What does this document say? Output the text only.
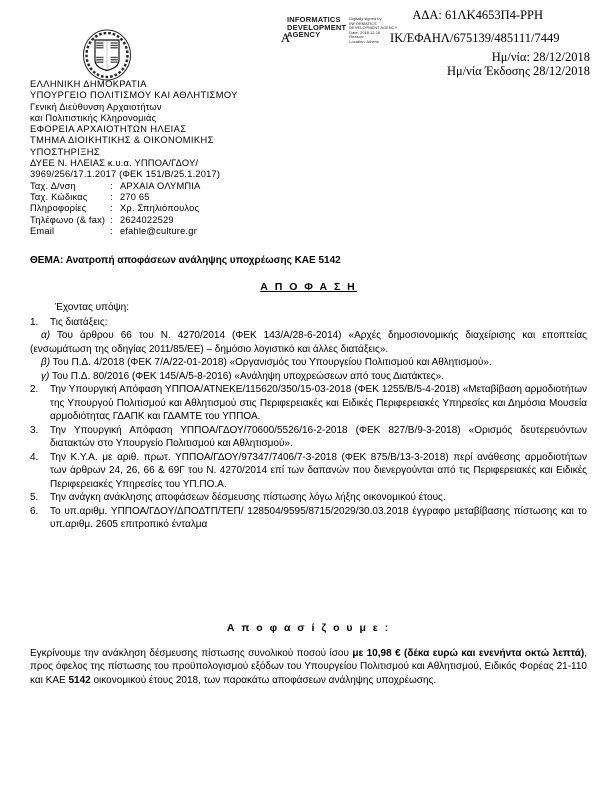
ΑΔΑ: 61ΛΚ4653Π4-ΡΡΗ
Α	ΙΚ/ΕΦΑΗΛ/675139/485111/7449
INFORMATICS
DEVELOPMENT
AGENCY
Digitally signed by
INFORMATICS
DEVELOPMENT AGENCY
Date: 2018.12.28
Reason:
Location: Athens
Ημ/νία: 28/12/2018
Ημ/νία Έκδοσης 28/12/2018
ΕΛΛΗΝΙΚΗ ΔΗΜΟΚΡΑΤΙΑ
ΥΠΟΥΡΓΕΙΟ ΠΟΛΙΤΙΣΜΟΥ ΚΑΙ ΑΘΛΗΤΙΣΜΟΥ
Γενική Διεύθυνση Αρχαιοτήτων
και Πολιτιστικής Κληρονομιάς
ΕΦΟΡΕΙΑ ΑΡΧΑΙΟΤΗΤΩΝ ΗΛΕΙΑΣ
ΤΜΗΜΑ ΔΙΟΙΚΗΤΙΚΗΣ & ΟΙΚΟΝΟΜΙΚΗΣ
ΥΠΟΣΤΗΡΙΞΗΣ
ΔΥΕΕ Ν. ΗΛΕΙΑΣ κ.υ.α. ΥΠΠΟΑ/ΓΔΟΥ/
3969/256/17.1.2017 (ΦΕΚ 151/Β/25.1.2017)
Ταχ. Δ/νση	: ΑΡΧΑΙΑ ΟΛΥΜΠΙΑ
Ταχ. Κώδικας	: 270 65
Πληροφορίες	: Χρ. Σπηλιόπουλος
Τηλέφωνο (& fax) : 2624022529
Email	: efahle@culture.gr
ΘΕΜΑ: Ανατροπή αποφάσεων ανάληψης υποχρέωσης ΚΑΕ 5142
Α Π Ο Φ Α Σ Η
Έχοντας υπόψη:
1.	Τις διατάξεις:

α) Του άρθρου 66 του Ν. 4270/2014 (ΦΕΚ 143/Α/28-6-2014) «Αρχές δημοσιονομικής διαχείρισης και εποπτείας (ενσωμάτωση της οδηγίας 2011/85/ΕΕ) – δημόσιο λογιστικό και άλλες διατάξεις».

β) Του Π.Δ. 4/2018 (ΦΕΚ 7/Α/22-01-2018) «Οργανισμός του Υπουργείου Πολιτισμού και Αθλητισμού».

γ) Του Π.Δ. 80/2016 (ΦΕΚ 145/Α/5-8-2016) «Ανάληψη υποχρεώσεων από τους Διατάκτες».

2.	Την Υπουργική Απόφαση ΥΠΠΟΑ/ΑΤΝΕΚΕ/115620/350/15-03-2018 (ΦΕΚ 1255/Β/5-4-2018) «Μεταβίβαση αρμοδιοτήτων της Υπουργού Πολιτισμού και Αθλητισμού στις Περιφερειακές και Ειδικές Περιφερειακές Υπηρεσίες και Δημόσια Μουσεία αρμοδιότητας ΓΔΑΠΚ και ΓΔΑΜΤΕ του ΥΠΠΟΑ.
3.	Την Υπουργική Απόφαση ΥΠΠΟΑ/ΓΔΟΥ/70600/5526/16-2-2018 (ΦΕΚ 827/Β/9-3-2018) «Ορισμός δευτερευόντων διατακτών στο Υπουργείο Πολιτισμού και Αθλητισμού».
4.	Την Κ.Υ.Α. με αριθ. πρωτ. ΥΠΠΟΑ/ΓΔΟΥ/97347/7406/7-3-2018 (ΦΕΚ 875/Β/13-3-2018) περί ανάθεσης αρμοδιοτήτων των άρθρων 24, 26, 66 & 69Γ του Ν. 4270/2014 επί των δαπανών που διενεργούνται από τις Περιφερειακές και Ειδικές Περιφερειακές Υπηρεσίες του ΥΠ.ΠΟ.Α.
5.	Την ανάγκη ανάκλησης αποφάσεων δέσμευσης πίστωσης λόγω λήξης οικονομικού έτους.
6.	Το υπ.αριθμ. ΥΠΠΟΑ/ΓΔΟΥ/ΔΠΟΔΤΠ/ΤΕΠ/ 128504/9595/8715/2029/30.03.2018 έγγραφο μεταβίβασης πίστωσης και το υπ.αριθμ. 2605 επιτροπικό ένταλμα
Α π ο φ α σ ί ζ ο υ μ ε :

Εγκρίνουμε την ανάκληση δέσμευσης πίστωσης συνολικού ποσού ίσου με 10,98 € (δέκα ευρώ και ενενήντα οκτώ λεπτά), προς όφελος της πίστωσης του προϋπολογισμού εξόδων του Υπουργείου Πολιτισμού και Αθλητισμού, Ειδικός Φορέας 21-110 και ΚΑΕ 5142 οικονομικού έτους 2018, των παρακάτω αποφάσεων ανάληψης υποχρέωσης.
